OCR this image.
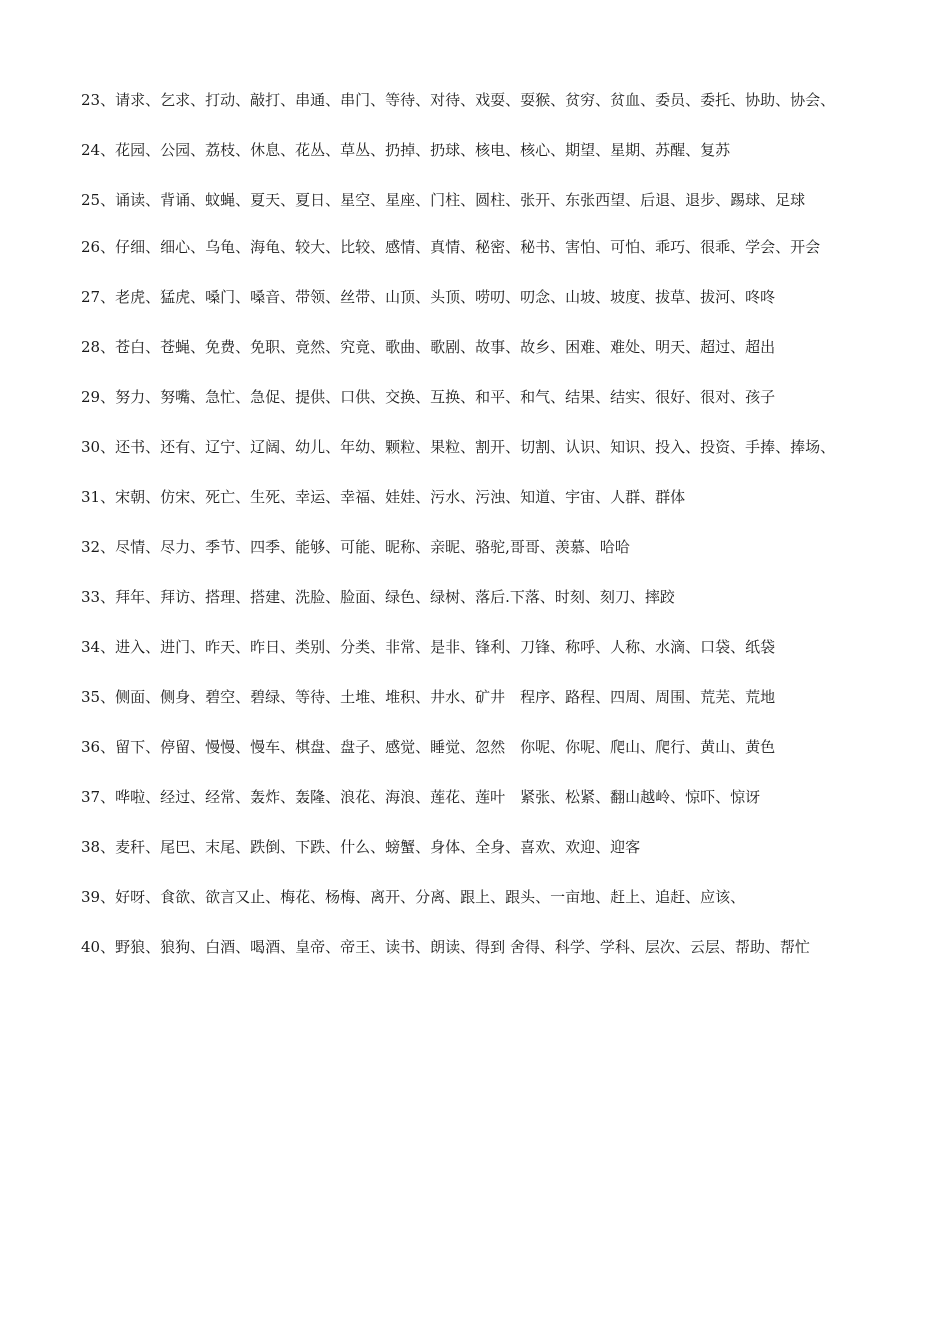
23、 请求、乞求、打动、敲打、串通、串门、等待、对待、戏耍、耍猴、贫穷、贫血、委员、委托、协助、协会、
24、 花园、公园、荔枝、休息、花丛、草丛、扔掉、扔球、核电、核心、期望、星期、苏醒、复苏
25、 诵读、背诵、蚊蝇、夏天、夏日、星空、星座、门柱、圆柱、张开、东张西望、后退、退步、踢球、足球
26、 仔细、细心、乌龟、海龟、较大、比较、感情、真情、秘密、秘书、害怕、可怕、乖巧、很乖、学会、开会
27、 老虎、猛虎、嗓门、嗓音、带领、丝带、山顶、头顶、唠叨、叨念、山坡、坡度、拔草、拔河、咚咚
28、 苍白、苍蝇、免费、免职、竟然、究竟、歌曲、歌剧、故事、故乡、困难、难处、明天、超过、超出
29、 努力、努嘴、急忙、急促、提供、口供、交换、互换、和平、和气、结果、结实、很好、很对、孩子
30、 还书、还有、辽宁、辽阔、幼儿、年幼、颗粒、果粒、割开、切割、认识、知识、投入、投资、手捧、捧场、
31、 宋朝、仿宋、死亡、生死、幸运、幸福、娃娃、污水、污浊、知道、宇宙、人群、群体
32、 尽情、尽力、季节、四季、能够、可能、昵称、亲昵、骆驼,哥哥、羡慕、哈哈
33、 拜年、拜访、搭理、搭建、洗脸、脸面、绿色、绿树、落后.下落、时刻、刻刀、摔跤
34、 进入、进门、昨天、昨日、类别、分类、非常、是非、锋利、刀锋、称呼、人称、水滴、口袋、纸袋
35、 侧面、侧身、碧空、碧绿、等待、土堆、堆积、井水、矿井　程序、路程、四周、周围、荒芜、荒地
36、 留下、停留、慢慢、慢车、棋盘、盘子、感觉、睡觉、忽然　你呢、你呢、爬山、爬行、黄山、黄色
37、 哗啦、经过、经常、轰炸、轰隆、浪花、海浪、莲花、莲叶　紧张、松紧、翻山越岭、惊吓、惊讶
38、 麦秆、尾巴、末尾、跌倒、下跌、什么、螃蟹、身体、全身、喜欢、欢迎、迎客
39、 好呀、食欲、欲言又止、梅花、杨梅、离开、分离、跟上、跟头、一亩地、赶上、追赶、应该、
40、 野狼、狼狗、白酒、喝酒、皇帝、帝王、读书、朗读、得到 舍得、科学、学科、层次、云层、帮助、帮忙
